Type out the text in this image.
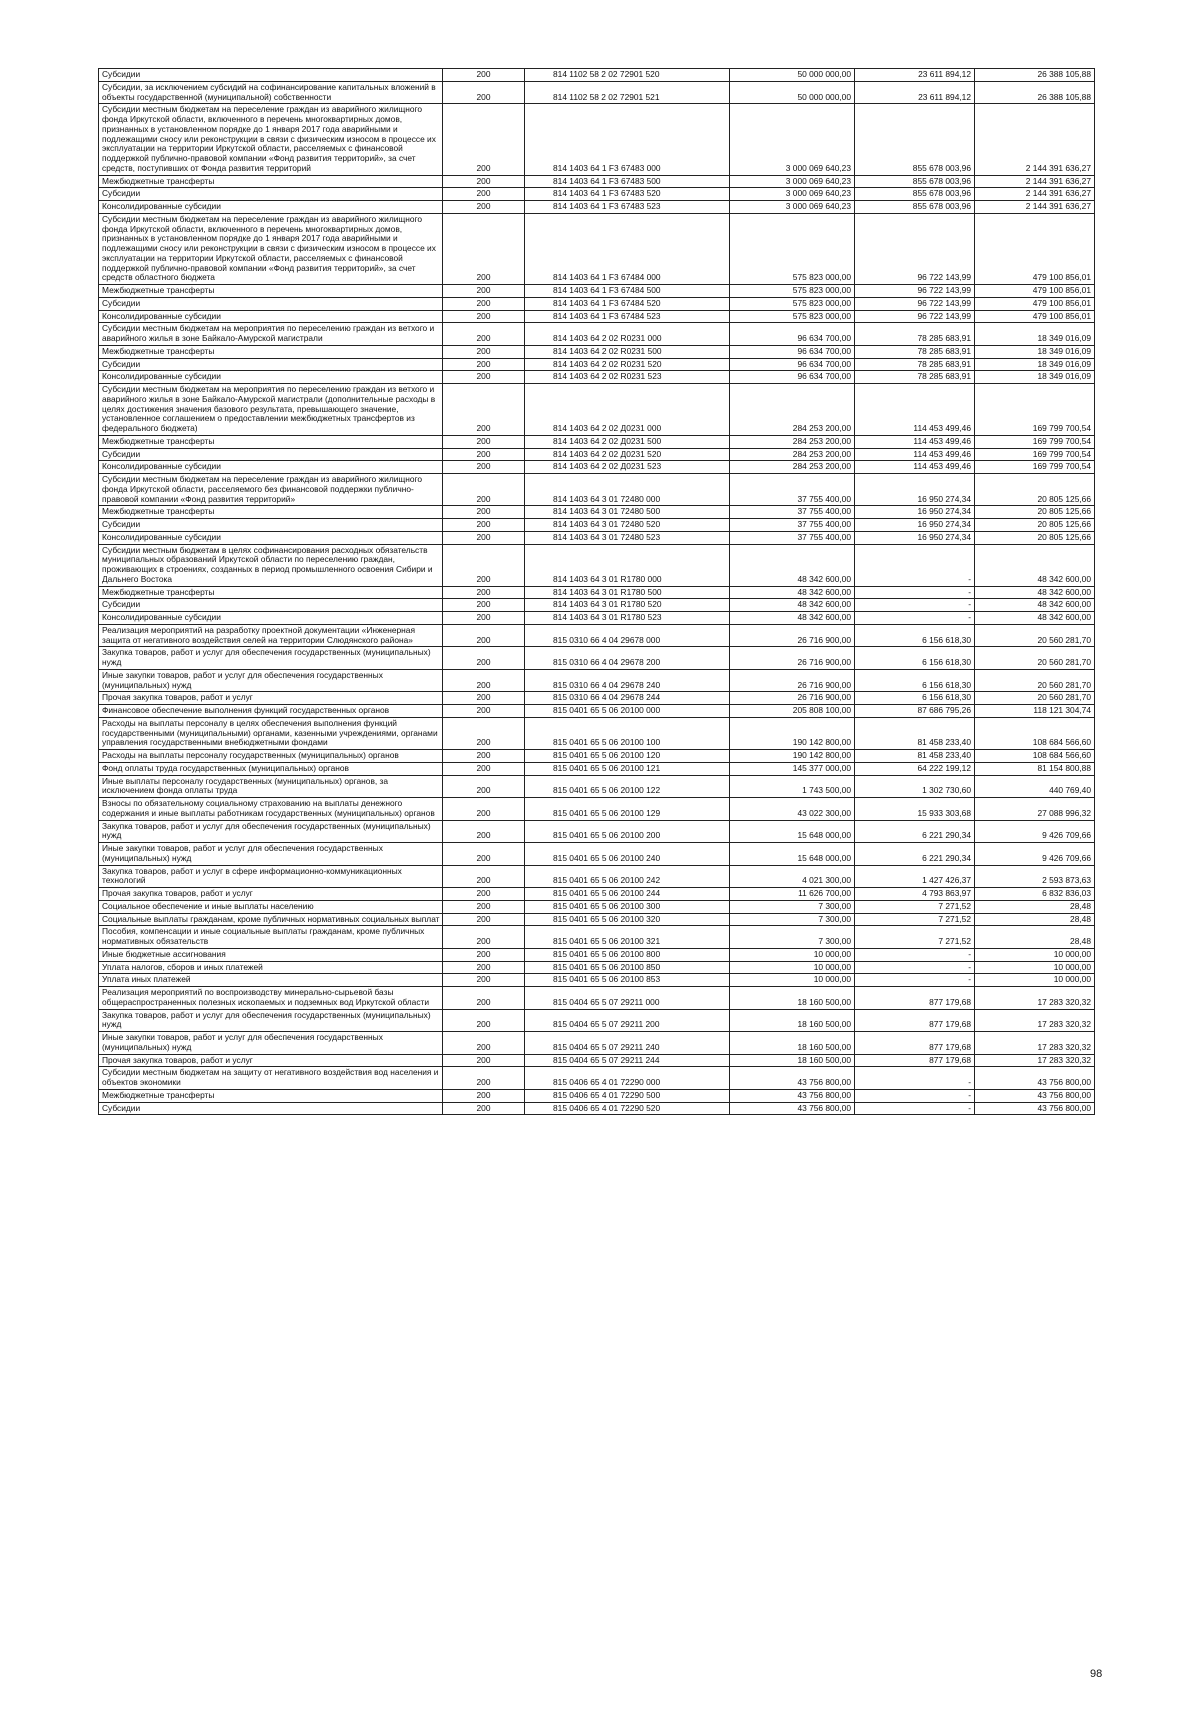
Субсидии	200	814 1102 58 2 02 72901 520	50 000 000,00	23 611 894,12	26 388 105,88
Субсидии, за исключением субсидий на софинансирование капитальных вложений в объекты государственной (муниципальной) собственности	200	814 1102 58 2 02 72901 521	50 000 000,00	23 611 894,12	26 388 105,88
Субсидии местным бюджетам на переселение граждан из аварийного жилищного фонда Иркутской области, включенного в перечень многоквартирных домов, признанных в установленном порядке до 1 января 2017 года аварийными и подлежащими сносу или реконструкции в связи с физическим износом в процессе их эксплуатации на территории Иркутской области, расселяемых с финансовой поддержкой публично-правовой компании «Фонд развития территорий», за счет средств, поступивших от Фонда развития территорий	200	814 1403 64 1 F3 67483 000	3 000 069 640,23	855 678 003,96	2 144 391 636,27
Межбюджетные трансферты	200	814 1403 64 1 F3 67483 500	3 000 069 640,23	855 678 003,96	2 144 391 636,27
Субсидии	200	814 1403 64 1 F3 67483 520	3 000 069 640,23	855 678 003,96	2 144 391 636,27
Консолидированные субсидии	200	814 1403 64 1 F3 67483 523	3 000 069 640,23	855 678 003,96	2 144 391 636,27
Субсидии местным бюджетам на переселение граждан из аварийного жилищного фонда Иркутской области, включенного в перечень многоквартирных домов, признанных в установленном порядке до 1 января 2017 года аварийными и подлежащими сносу или реконструкции в связи с физическим износом в процессе их эксплуатации на территории Иркутской области, расселяемых с финансовой поддержкой публично-правовой компании «Фонд развития территорий», за счет средств областного бюджета	200	814 1403 64 1 F3 67484 000	575 823 000,00	96 722 143,99	479 100 856,01
Межбюджетные трансферты	200	814 1403 64 1 F3 67484 500	575 823 000,00	96 722 143,99	479 100 856,01
Субсидии	200	814 1403 64 1 F3 67484 520	575 823 000,00	96 722 143,99	479 100 856,01
Консолидированные субсидии	200	814 1403 64 1 F3 67484 523	575 823 000,00	96 722 143,99	479 100 856,01
Субсидии местным бюджетам на мероприятия по переселению граждан из ветхого и аварийного жилья в зоне Байкало-Амурской магистрали	200	814 1403 64 2 02 R0231 000	96 634 700,00	78 285 683,91	18 349 016,09
Межбюджетные трансферты	200	814 1403 64 2 02 R0231 500	96 634 700,00	78 285 683,91	18 349 016,09
Субсидии	200	814 1403 64 2 02 R0231 520	96 634 700,00	78 285 683,91	18 349 016,09
Консолидированные субсидии	200	814 1403 64 2 02 R0231 523	96 634 700,00	78 285 683,91	18 349 016,09
Субсидии местным бюджетам на мероприятия по переселению граждан из ветхого и аварийного жилья в зоне Байкало-Амурской магистрали (дополнительные расходы в целях достижения значения базового результата, превышающего значение, установленное соглашением о предоставлении межбюджетных трансфертов из федерального бюджета)	200	814 1403 64 2 02 Д0231 000	284 253 200,00	114 453 499,46	169 799 700,54
Межбюджетные трансферты	200	814 1403 64 2 02 Д0231 500	284 253 200,00	114 453 499,46	169 799 700,54
Субсидии	200	814 1403 64 2 02 Д0231 520	284 253 200,00	114 453 499,46	169 799 700,54
Консолидированные субсидии	200	814 1403 64 2 02 Д0231 523	284 253 200,00	114 453 499,46	169 799 700,54
Субсидии местным бюджетам на переселение граждан из аварийного жилищного фонда Иркутской области, расселяемого без финансовой поддержки публично-правовой компании «Фонд развития территорий»	200	814 1403 64 3 01 72480 000	37 755 400,00	16 950 274,34	20 805 125,66
Межбюджетные трансферты	200	814 1403 64 3 01 72480 500	37 755 400,00	16 950 274,34	20 805 125,66
Субсидии	200	814 1403 64 3 01 72480 520	37 755 400,00	16 950 274,34	20 805 125,66
Консолидированные субсидии	200	814 1403 64 3 01 72480 523	37 755 400,00	16 950 274,34	20 805 125,66
Субсидии местным бюджетам в целях софинансирования расходных обязательств муниципальных образований Иркутской области по переселению граждан, проживающих в строениях, созданных в период промышленного освоения Сибири и Дальнего Востока	200	814 1403 64 3 01 R1780 000	48 342 600,00	-	48 342 600,00
Межбюджетные трансферты	200	814 1403 64 3 01 R1780 500	48 342 600,00	-	48 342 600,00
Субсидии	200	814 1403 64 3 01 R1780 520	48 342 600,00	-	48 342 600,00
Консолидированные субсидии	200	814 1403 64 3 01 R1780 523	48 342 600,00	-	48 342 600,00
Реализация мероприятий на разработку проектной документации «Инженерная защита от негативного воздействия селей на территории Слюдянского района»	200	815 0310 66 4 04 29678 000	26 716 900,00	6 156 618,30	20 560 281,70
Закупка товаров, работ и услуг для обеспечения государственных (муниципальных) нужд	200	815 0310 66 4 04 29678 200	26 716 900,00	6 156 618,30	20 560 281,70
Иные закупки товаров, работ и услуг для обеспечения государственных (муниципальных) нужд	200	815 0310 66 4 04 29678 240	26 716 900,00	6 156 618,30	20 560 281,70
Прочая закупка товаров, работ и услуг	200	815 0310 66 4 04 29678 244	26 716 900,00	6 156 618,30	20 560 281,70
Финансовое обеспечение выполнения функций государственных органов	200	815 0401 65 5 06 20100 000	205 808 100,00	87 686 795,26	118 121 304,74
Расходы на выплаты персоналу в целях обеспечения выполнения функций государственными (муниципальными) органами, казенными учреждениями, органами управления государственными внебюджетными фондами	200	815 0401 65 5 06 20100 100	190 142 800,00	81 458 233,40	108 684 566,60
Расходы на выплаты персоналу государственных (муниципальных) органов	200	815 0401 65 5 06 20100 120	190 142 800,00	81 458 233,40	108 684 566,60
Фонд оплаты труда государственных (муниципальных) органов	200	815 0401 65 5 06 20100 121	145 377 000,00	64 222 199,12	81 154 800,88
Иные выплаты персоналу государственных (муниципальных) органов, за исключением фонда оплаты труда	200	815 0401 65 5 06 20100 122	1 743 500,00	1 302 730,60	440 769,40
Взносы по обязательному социальному страхованию на выплаты денежного содержания и иные выплаты работникам государственных (муниципальных) органов	200	815 0401 65 5 06 20100 129	43 022 300,00	15 933 303,68	27 088 996,32
Закупка товаров, работ и услуг для обеспечения государственных (муниципальных) нужд	200	815 0401 65 5 06 20100 200	15 648 000,00	6 221 290,34	9 426 709,66
Иные закупки товаров, работ и услуг для обеспечения государственных (муниципальных) нужд	200	815 0401 65 5 06 20100 240	15 648 000,00	6 221 290,34	9 426 709,66
Закупка товаров, работ и услуг в сфере информационно-коммуникационных технологий	200	815 0401 65 5 06 20100 242	4 021 300,00	1 427 426,37	2 593 873,63
Прочая закупка товаров, работ и услуг	200	815 0401 65 5 06 20100 244	11 626 700,00	4 793 863,97	6 832 836,03
Социальное обеспечение и иные выплаты населению	200	815 0401 65 5 06 20100 300	7 300,00	7 271,52	28,48
Социальные выплаты гражданам, кроме публичных нормативных социальных выплат	200	815 0401 65 5 06 20100 320	7 300,00	7 271,52	28,48
Пособия, компенсации и иные социальные выплаты гражданам, кроме публичных нормативных обязательств	200	815 0401 65 5 06 20100 321	7 300,00	7 271,52	28,48
Иные бюджетные ассигнования	200	815 0401 65 5 06 20100 800	10 000,00	-	10 000,00
Уплата налогов, сборов и иных платежей	200	815 0401 65 5 06 20100 850	10 000,00	-	10 000,00
Уплата иных платежей	200	815 0401 65 5 06 20100 853	10 000,00	-	10 000,00
Реализация мероприятий по воспроизводству минерально-сырьевой базы общераспространенных полезных ископаемых и подземных вод Иркутской области	200	815 0404 65 5 07 29211 000	18 160 500,00	877 179,68	17 283 320,32
Закупка товаров, работ и услуг для обеспечения государственных (муниципальных) нужд	200	815 0404 65 5 07 29211 200	18 160 500,00	877 179,68	17 283 320,32
Иные закупки товаров, работ и услуг для обеспечения государственных (муниципальных) нужд	200	815 0404 65 5 07 29211 240	18 160 500,00	877 179,68	17 283 320,32
Прочая закупка товаров, работ и услуг	200	815 0404 65 5 07 29211 244	18 160 500,00	877 179,68	17 283 320,32
Субсидии местным бюджетам на защиту от негативного воздействия вод населения и объектов экономики	200	815 0406 65 4 01 72290 000	43 756 800,00	-	43 756 800,00
Межбюджетные трансферты	200	815 0406 65 4 01 72290 500	43 756 800,00	-	43 756 800,00
Субсидии	200	815 0406 65 4 01 72290 520	43 756 800,00	-	43 756 800,00
98
